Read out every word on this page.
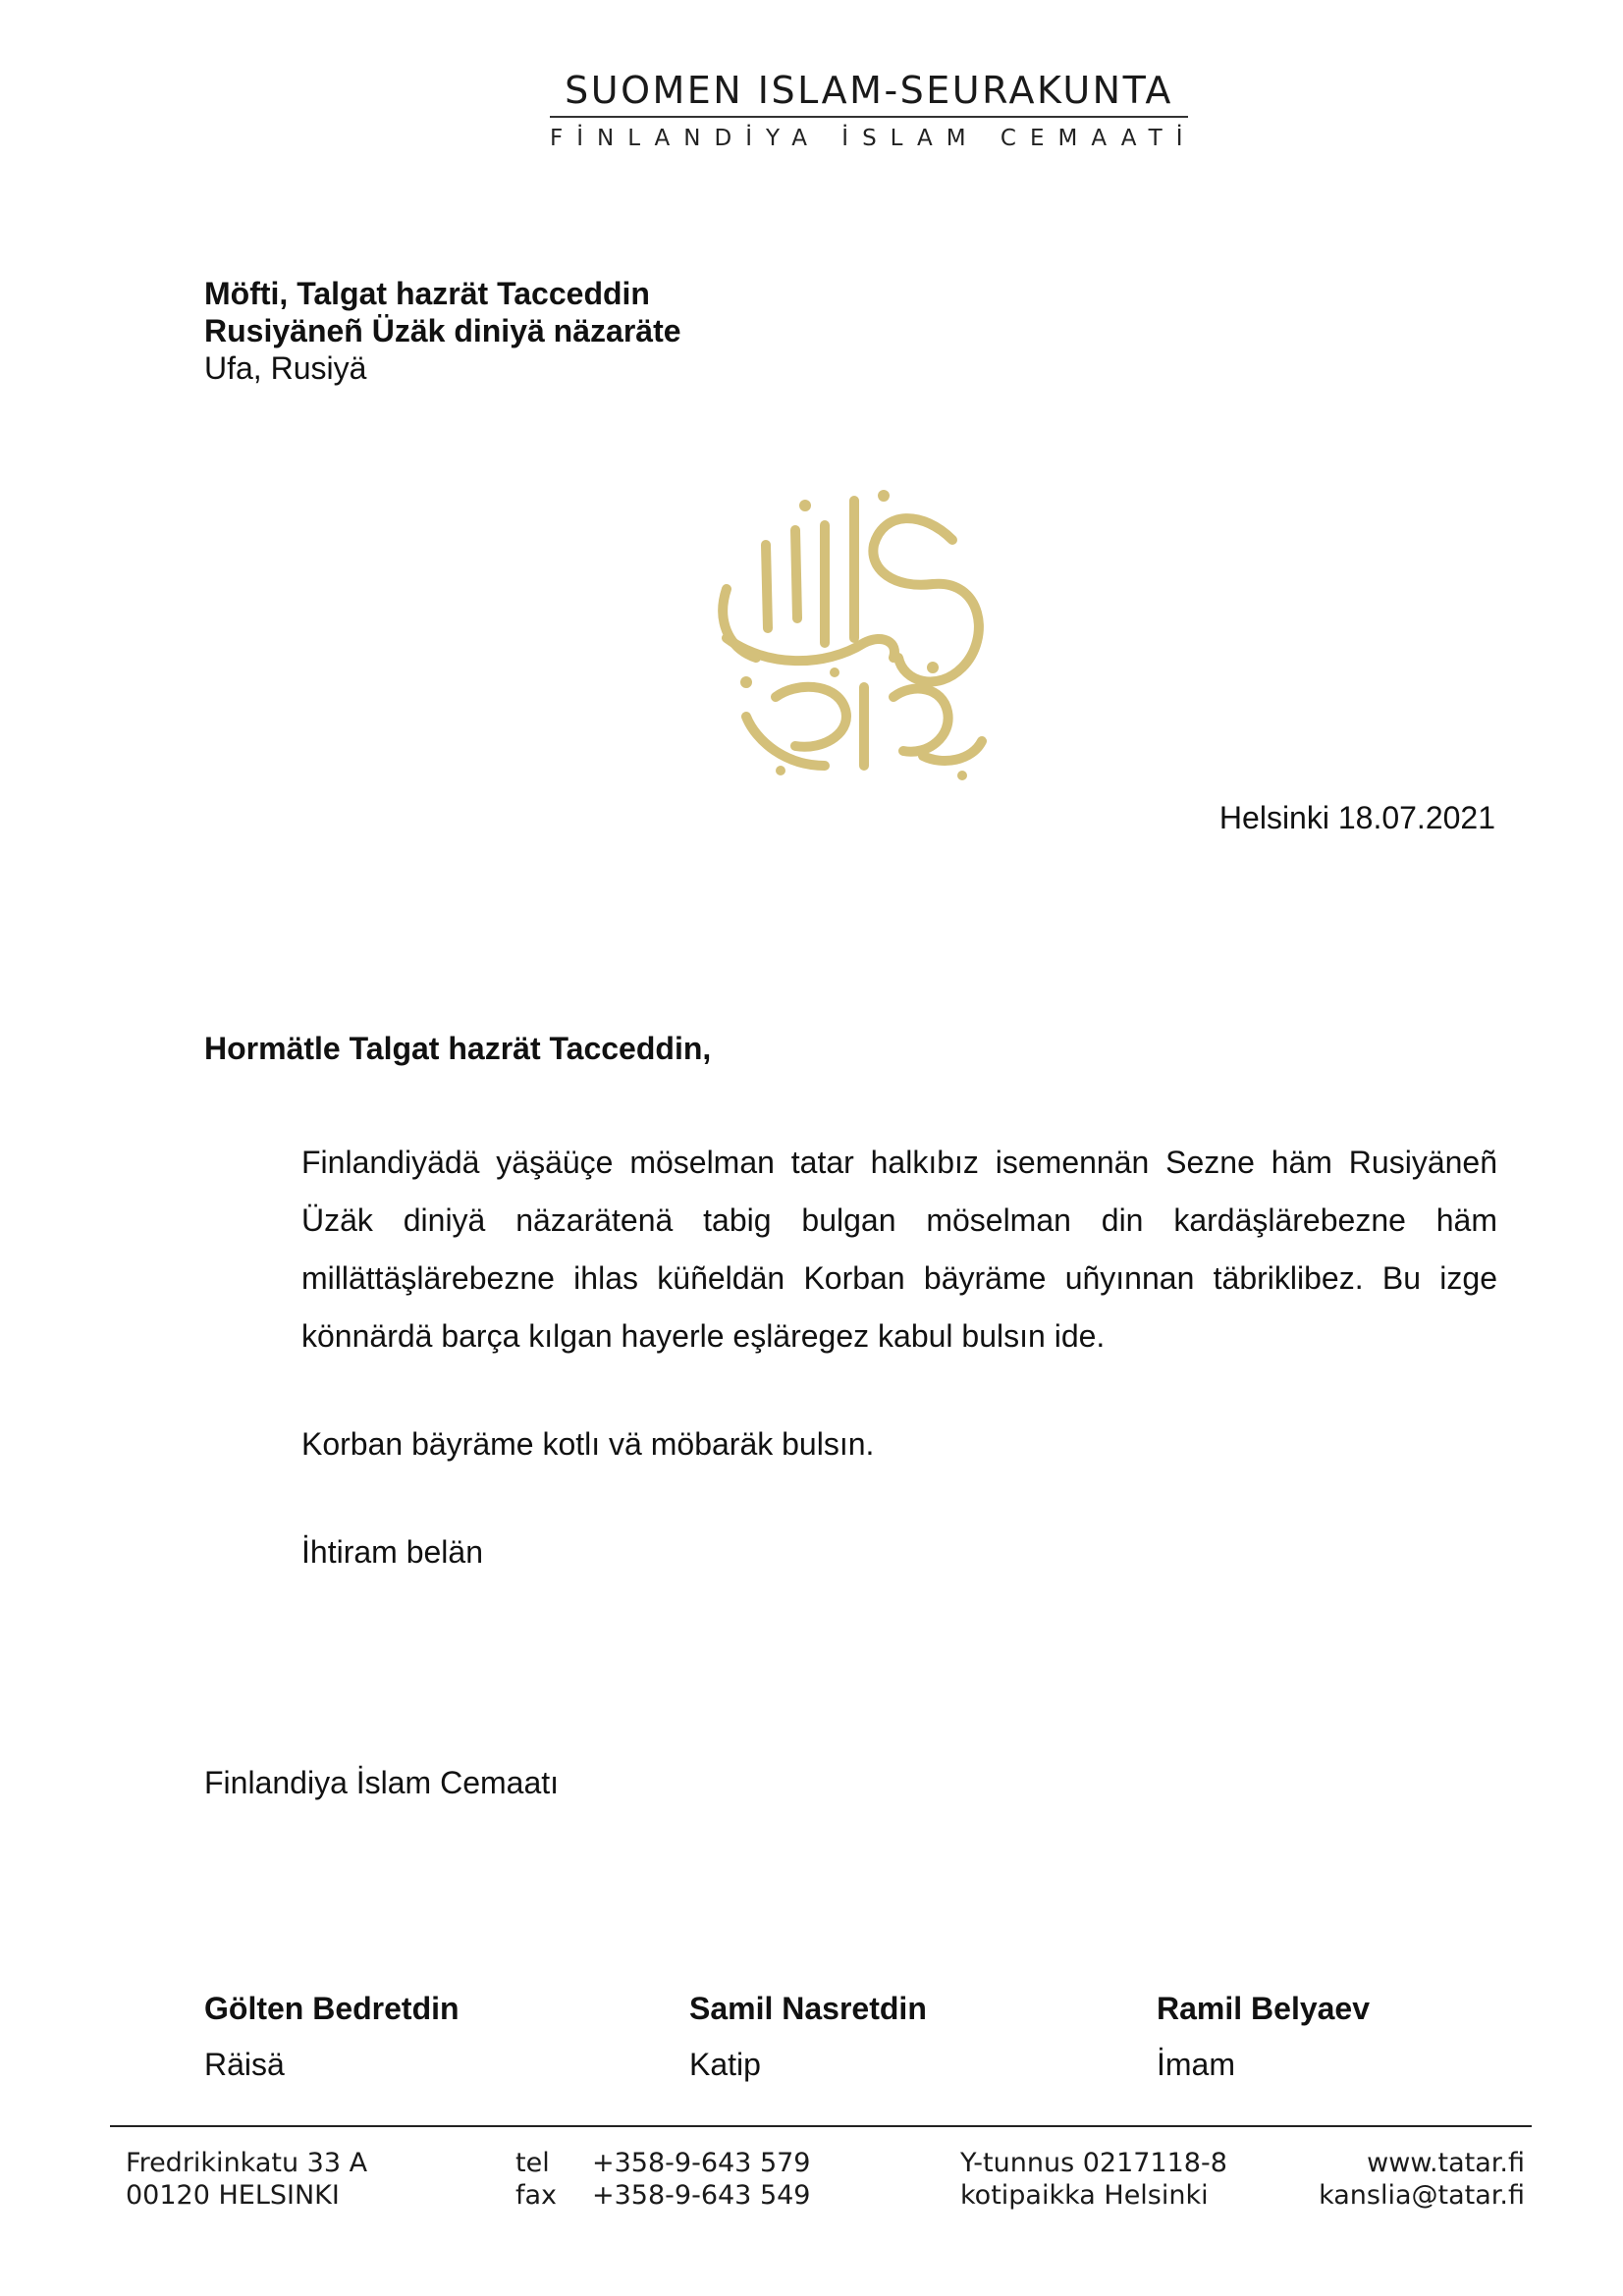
SUOMEN ISLAM-SEURAKUNTA
FİNLANDİYA İSLAM CEMAATİ
Möfti, Talgat hazrät Tacceddin
Rusiyäneñ Üzäk diniyä näzaräte
Ufa, Rusiyä
Helsinki 18.07.2021
Hormätle Talgat hazrät Tacceddin,

Finlandiyädä yäşäüçe möselman tatar halkıbız isemennän Sezne häm Rusiyäneñ Üzäk diniyä näzarätenä tabig bulgan möselman din kardäşlärebezne häm millättäşlärebezne ihlas küñeldän Korban bäyräme uñyınnan täbriklibez. Bu izge könnärdä barça kılgan hayerle eşläregez kabul bulsın ide.

Korban bäyräme kotlı vä möbaräk bulsın.

İhtiram belän

Finlandiya İslam Cemaatı
Gölten Bedretdin
Räisä
Samil Nasretdin
Katip
Ramil Belyaev
İmam
Fredrikinkatu 33 A
00120 HELSINKI
tel
fax
+358-9-643 579
+358-9-643 549
Y-tunnus 0217118-8
kotipaikka Helsinki
www.tatar.fi
kanslia@tatar.fi
